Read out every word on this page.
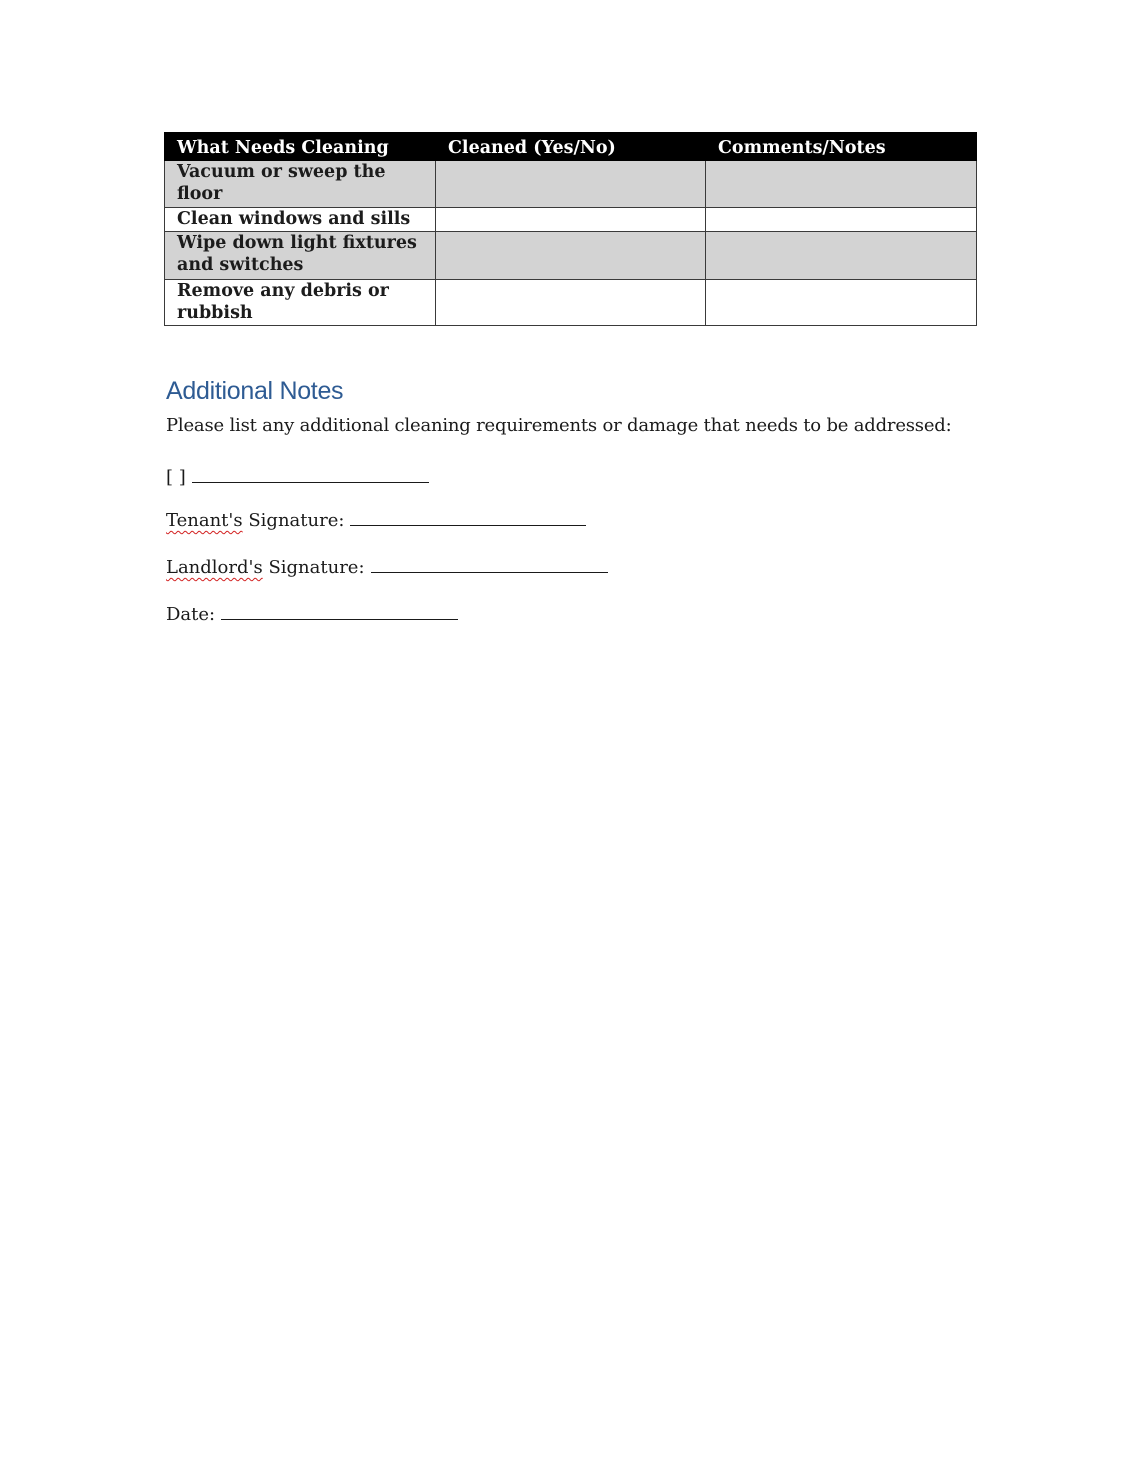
What Needs Cleaning	Cleaned (Yes/No)	Comments/Notes
Vacuum or sweep the floor		
Clean windows and sills		
Wipe down light fixtures and switches		
Remove any debris or rubbish		
Additional Notes

Please list any additional cleaning requirements or damage that needs to be addressed:

[ ]

Tenant's Signature:

Landlord's Signature:

Date:
